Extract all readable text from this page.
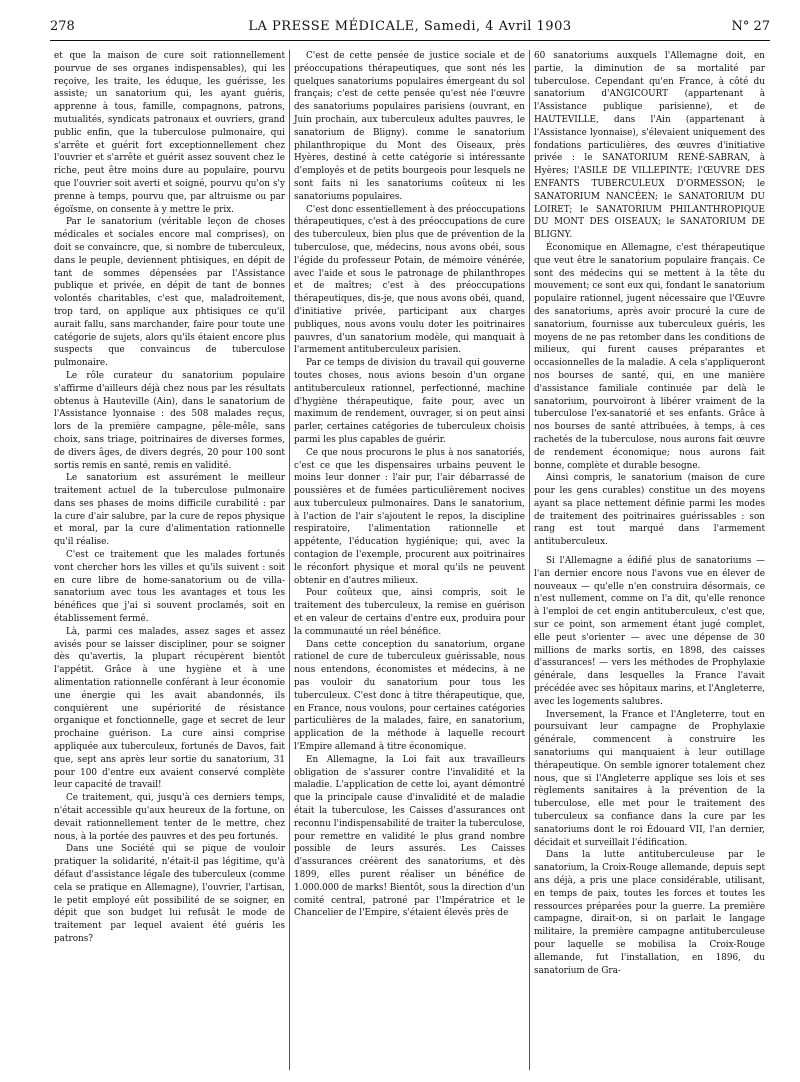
278	LA PRESSE MÉDICALE, Samedi, 4 Avril 1903	N° 27

et que la maison de cure soit rationnellement pourvue de ses organes indispensables), qui les reçoive, les traite, les éduque, les guérisse, les assiste; un sanatorium qui, les ayant guéris, apprenne à tous, famille, compagnons, patrons, mutualités, syndicats patronaux et ouvriers, grand public enfin, que la tuberculose pulmonaire, qui s'arrête et guérit fort exceptionnellement chez l'ouvrier et s'arrête et guérit assez souvent chez le riche, peut être moins dure au populaire, pourvu que l'ouvrier soit averti et soigné, pourvu qu'on s'y prenne à temps, pourvu que, par altruisme ou par égoïsme, on consente à y mettre le prix.

Par le sanatorium (véritable leçon de choses médicales et sociales encore mal comprises), on doit se convaincre, que, si nombre de tuberculeux, dans le peuple, deviennent phtisiques, en dépit de tant de sommes dépensées par l'Assistance publique et privée, en dépit de tant de bonnes volontés charitables, c'est que, maladroitement, trop tard, on applique aux phtisiques ce qu'il aurait fallu, sans marchander, faire pour toute une catégorie de sujets, alors qu'ils étaient encore plus suspects que convaincus de tuberculose pulmonaire.

Le rôle curateur du sanatorium populaire s'affirme d'ailleurs déjà chez nous par les résultats obtenus à Hauteville (Ain), dans le sanatorium de l'Assistance lyonnaise : des 508 malades reçus, lors de la première campagne, pêle-mêle, sans choix, sans triage, poitrinaires de diverses formes, de divers âges, de divers degrés, 20 pour 100 sont sortis remis en santé, remis en validité.

Le sanatorium est assurément le meilleur traitement actuel de la tuberculose pulmonaire dans ses phases de moins difficile curabilité : par la cure d'air salubre, par la cure de repos physique et moral, par la cure d'alimentation rationnelle qu'il réalise.

C'est ce traitement que les malades fortunés vont chercher hors les villes et qu'ils suivent : soit en cure libre de home-sanatorium ou de villa-sanatorium avec tous les avantages et tous les bénéfices que j'ai si souvent proclamés, soit en établissement fermé.

Là, parmi ces malades, assez sages et assez avisés pour se laisser discipliner, pour se soigner dès qu'avertis, la plupart récupèrent bientôt l'appétit. Grâce à une hygiène et à une alimentation rationnelle conférant à leur économie une énergie qui les avait abandonnés, ils conquièrent une supériorité de résistance organique et fonctionnelle, gage et secret de leur prochaine guérison. La cure ainsi comprise appliquée aux tuberculeux, fortunés de Davos, fait que, sept ans après leur sortie du sanatorium, 31 pour 100 d'entre eux avaient conservé complète leur capacité de travail!

Ce traitement, qui, jusqu'à ces derniers temps, n'était accessible qu'aux heureux de la fortune, on devait rationnellement tenter de le mettre, chez nous, à la portée des pauvres et des peu fortunés.

Dans une Société qui se pique de vouloir pratiquer la solidarité, n'était-il pas légitime, qu'à défaut d'assistance légale des tuberculeux (comme cela se pratique en Allemagne), l'ouvrier, l'artisan, le petit employé eût possibilité de se soigner, en dépit que son budget lui refusât le mode de traitement par lequel avaient été guéris les patrons?

C'est de cette pensée de justice sociale et de préoccupations thérapeutiques, que sont nés les quelques sanatoriums populaires émergeant du sol français; c'est de cette pensée qu'est née l'œuvre des sanatoriums populaires parisiens (ouvrant, en Juin prochain, aux tuberculeux adultes pauvres, le sanatorium de Bligny). comme le sanatorium philanthropique du Mont des Oiseaux, près Hyères, destiné à cette catégorie si intéressante d'employés et de petits bourgeois pour lesquels ne sont faits ni les sanatoriums coûteux ni les sanatoriums populaires.

C'est donc essentiellement à des préoccupations thérapeutiques, c'est à des préoccupations de cure des tuberculeux, bien plus que de prévention de la tuberculose, que, médecins, nous avons obéi, sous l'égide du professeur Potain, de mémoire vénérée, avec l'aide et sous le patronage de philanthropes et de maîtres; c'est à des préoccupations thérapeutiques, dis-je, que nous avons obéi, quand, d'initiative privée, participant aux charges publiques, nous avons voulu doter les poitrinaires pauvres, d'un sanatorium modèle, qui manquait à l'armement antituberculeux parisien.

Par ce temps de division du travail qui gouverne toutes choses, nous avions besoin d'un organe antituberculeux rationnel, perfectionné, machine d'hygiène thérapeutique, faite pour, avec un maximum de rendement, ouvrager, si on peut ainsi parler, certaines catégories de tuberculeux choisis parmi les plus capables de guérir.

Ce que nous procurons le plus à nos sanatoriés, c'est ce que les dispensaires urbains peuvent le moins leur donner : l'air pur, l'air débarrassé de poussières et de fumées particulièrement nocives aux tuberculeux pulmonaires. Dans le sanatorium, à l'action de l'air s'ajoutent le repos, la discipline respiratoire, l'alimentation rationnelle et appétente, l'éducation hygiénique; qui, avec la contagion de l'exemple, procurent aux poitrinaires le réconfort physique et moral qu'ils ne peuvent obtenir en d'autres milieux.

Pour coûteux que, ainsi compris, soit le traitement des tuberculeux, la remise en guérison et en valeur de certains d'entre eux, produira pour la communauté un réel bénéfice.

Dans cette conception du sanatorium, organe rationel de cure de tuberculeux guérissable, nous nous entendons, économistes et médecins, à ne pas vouloir du sanatorium pour tous les tuberculeux. C'est donc à titre thérapeutique, que, en France, nous voulons, pour certaines catégories particulières de la malades, faire, en sanatorium, application de la méthode à laquelle recourt l'Empire allemand à titre économique.

En Allemagne, la Loi fait aux travailleurs obligation de s'assurer contre l'invalidité et la maladie. L'application de cette loi, ayant démontré que la principale cause d'invalidité et de maladie était la tuberculose, les Caisses d'assurances ont reconnu l'indispensabilité de traiter la tuberculose, pour remettre en validité le plus grand nombre possible de leurs assurés. Les Caisses d'assurances créèrent des sanatoriums, et dès 1899, elles purent réaliser un bénéfice de 1.000.000 de marks! Bientôt, sous la direction d'un comité central, patroné par l'Impératrice et le Chancelier de l'Empire, s'étaient élevés près de

60 sanatoriums auxquels l'Allemagne doit, en partie, la diminution de sa mortalité par tuberculose. Cependant qu'en France, à côté du sanatorium d'ANGICOURT (appartenant à l'Assistance publique parisienne), et de HAUTEVILLE, dans l'Ain (appartenant à l'Assistance lyonnaise), s'élevaient uniquement des fondations particulières, des œuvres d'initiative privée : le SANATORIUM RENÉ-SABRAN, à Hyères; l'ASILE DE VILLEPINTE; l'ŒUVRE DES ENFANTS TUBERCULEUX D'ORMESSON; le SANATORIUM NANCÉEN; le SANATORIUM DU LOIRET; le SANATORIUM PHILANTHROPIQUE DU MONT DES OISEAUX; le SANATORIUM DE BLIGNY.

Économique en Allemagne, c'est thérapeutique que veut être le sanatorium populaire français. Ce sont des médecins qui se mettent à la tête du mouvement; ce sont eux qui, fondant le sanatorium populaire rationnel, jugent nécessaire que l'Œuvre des sanatoriums, après avoir procuré la cure de sanatorium, fournisse aux tuberculeux guéris, les moyens de ne pas retomber dans les conditions de milieux, qui furent causes préparantes et occasionnelles de la maladie. A cela s'appliqueront nos bourses de santé, qui, en une manière d'assistance familiale continuée par delà le sanatorium, pourvoiront à libérer vraiment de la tuberculose l'ex-sanatorié et ses enfants. Grâce à nos bourses de santé attribuées, à temps, à ces rachetés de la tuberculose, nous aurons fait œuvre de rendement économique; nous aurons fait bonne, complète et durable besogne.

Ainsi compris, le sanatorium (maison de cure pour les gens curables) constitue un des moyens ayant sa place nettement définie parmi les modes de traitement des poitrinaires guérissables : son rang est tout marqué dans l'armement antituberculeux.

Si l'Allemagne a édifié plus de sanatoriums — l'an dernier encore nous l'avons vue en élever de nouveaux — qu'elle n'en construira désormais, ce n'est nullement, comme on l'a dit, qu'elle renonce à l'emploi de cet engin antituberculeux, c'est que, sur ce point, son armement étant jugé complet, elle peut s'orienter — avec une dépense de 30 millions de marks sortis, en 1898, des caisses d'assurances! — vers les méthodes de Prophylaxie générale, dans lesquelles la France l'avait précédée avec ses hôpitaux marins, et l'Angleterre, avec les logements salubres.

Inversement, la France et l'Angleterre, tout en poursuivant leur campagne de Prophylaxie générale, commencent à construire les sanatoriums qui manquaient à leur outillage thérapeutique. On semble ignorer totalement chez nous, que si l'Angleterre applique ses lois et ses règlements sanitaires à la prévention de la tuberculose, elle met pour le traitement des tuberculeux sa confiance dans la cure par les sanatoriums dont le roi Édouard VII, l'an dernier, décidait et surveillait l'édification.

Dans la lutte antituberculeuse par le sanatorium, la Croix-Rouge allemande, depuis sept ans déjà, a pris une place considérable, utilisant, en temps de paix, toutes les forces et toutes les ressources préparées pour la guerre. La première campagne, dirait-on, si on parlait le langage militaire, la première campagne antituberculeuse pour laquelle se mobilisa la Croix-Rouge allemande, fut l'installation, en 1896, du sanatorium de Gra-
